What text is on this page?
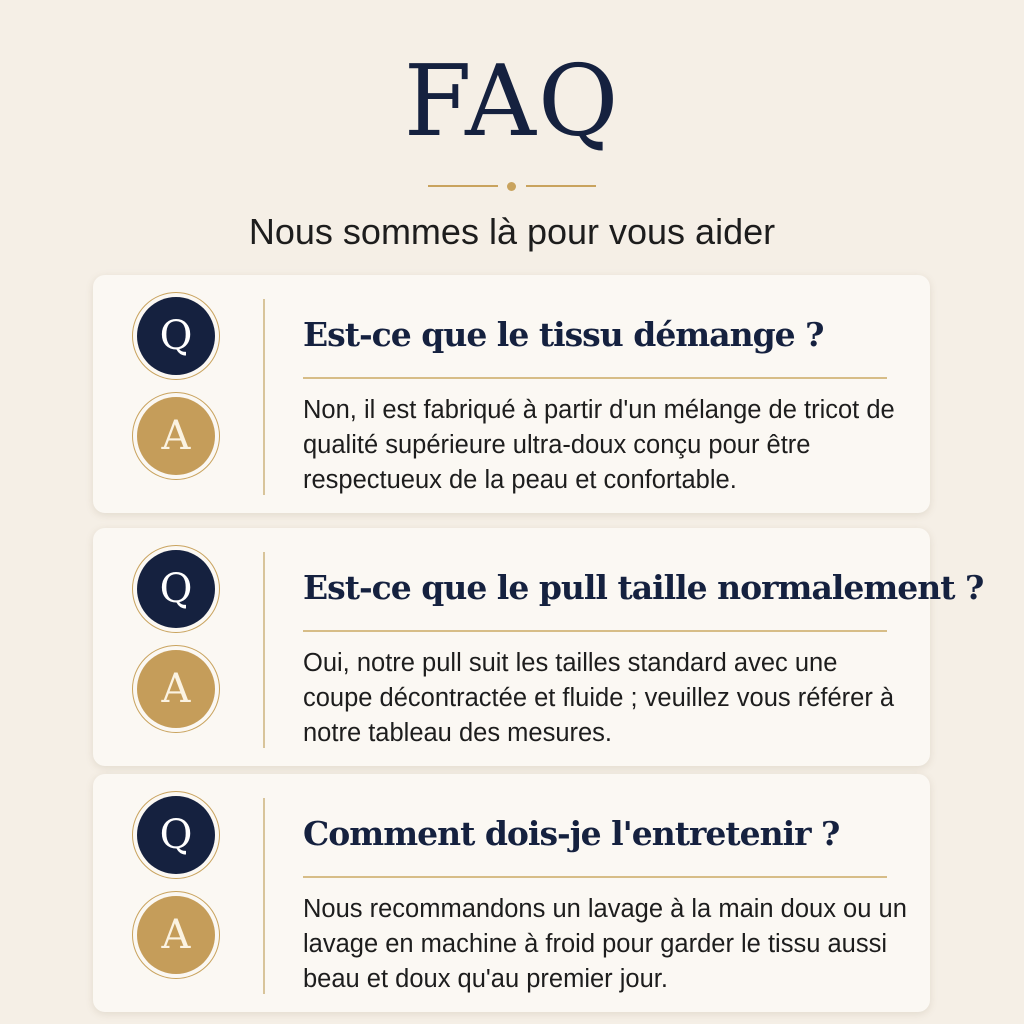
FAQ
Nous sommes là pour vous aider
Q
A
Est-ce que le tissu démange ?

Non, il est fabriqué à partir d'un mélange de tricot de qualité supérieure ultra-doux conçu pour être respectueux de la peau et confortable.

Q
A
Est-ce que le pull taille normalement ?

Oui, notre pull suit les tailles standard avec une coupe décontractée et fluide ; veuillez vous référer à notre tableau des mesures.

Q
A
Comment dois-je l'entretenir ?

Nous recommandons un lavage à la main doux ou un lavage en machine à froid pour garder le tissu aussi beau et doux qu'au premier jour.
